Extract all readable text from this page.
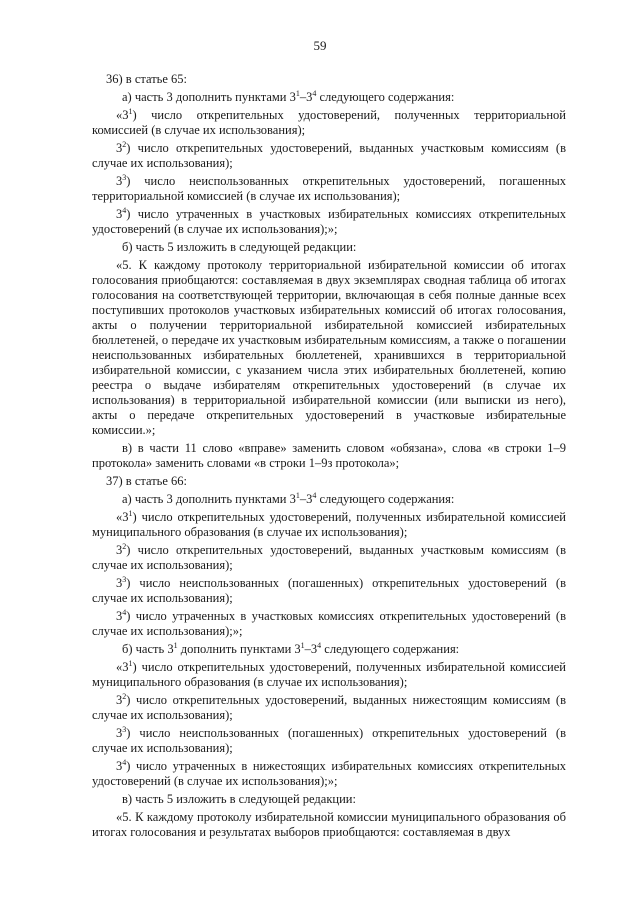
59

36) в статье 65:

а) часть 3 дополнить пунктами $3^1-3^4$ следующего содержания:

«$3^1$) число открепительных удостоверений, полученных территориальной комиссией (в случае их использования);

$3^2$) число открепительных удостоверений, выданных участковым комиссиям (в случае их использования);

$3^3$) число неиспользованных открепительных удостоверений, погашенных территориальной комиссией (в случае их использования);

$3^4$) число утраченных в участковых избирательных комиссиях открепительных удостоверений (в случае их использования);»;

б) часть 5 изложить в следующей редакции:

«5. К каждому протоколу территориальной избирательной комиссии об итогах голосования приобщаются: составляемая в двух экземплярах сводная таблица об итогах голосования на соответствующей территории, включающая в себя полные данные всех поступивших протоколов участковых избирательных комиссий об итогах голосования, акты о получении территориальной избирательной комиссией избирательных бюллетеней, о передаче их участковым избирательным комиссиям, а также о погашении неиспользованных избирательных бюллетеней, хранившихся в территориальной избирательной комиссии, с указанием числа этих избирательных бюллетеней, копию реестра о выдаче избирателям открепительных удостоверений (в случае их использования) в территориальной избирательной комиссии (или выписки из него), акты о передаче открепительных удостоверений в участковые избирательные комиссии.»;

в) в части 11 слово «вправе» заменить словом «обязана», слова «в строки 1–9 протокола» заменить словами «в строки 1–9з протокола»;

37) в статье 66:

а) часть 3 дополнить пунктами $3^1-3^4$ следующего содержания:

«$3^1$) число открепительных удостоверений, полученных избирательной комиссией муниципального образования (в случае их использования);

$3^2$) число открепительных удостоверений, выданных участковым комиссиям (в случае их использования);

$3^3$) число неиспользованных (погашенных) открепительных удостоверений (в случае их использования);

$3^4$) число утраченных в участковых комиссиях открепительных удостоверений (в случае их использования);»;

б) часть $3^1$ дополнить пунктами $3^1-3^4$ следующего содержания:

«$3^1$) число открепительных удостоверений, полученных избирательной комиссией муниципального образования (в случае их использования);

$3^2$) число открепительных удостоверений, выданных нижестоящим комиссиям (в случае их использования);

$3^3$) число неиспользованных (погашенных) открепительных удостоверений (в случае их использования);

$3^4$) число утраченных в нижестоящих избирательных комиссиях открепительных удостоверений (в случае их использования);»;

в) часть 5 изложить в следующей редакции:

«5. К каждому протоколу избирательной комиссии муниципального образования об итогах голосования и результатах выборов приобщаются: составляемая в двух
